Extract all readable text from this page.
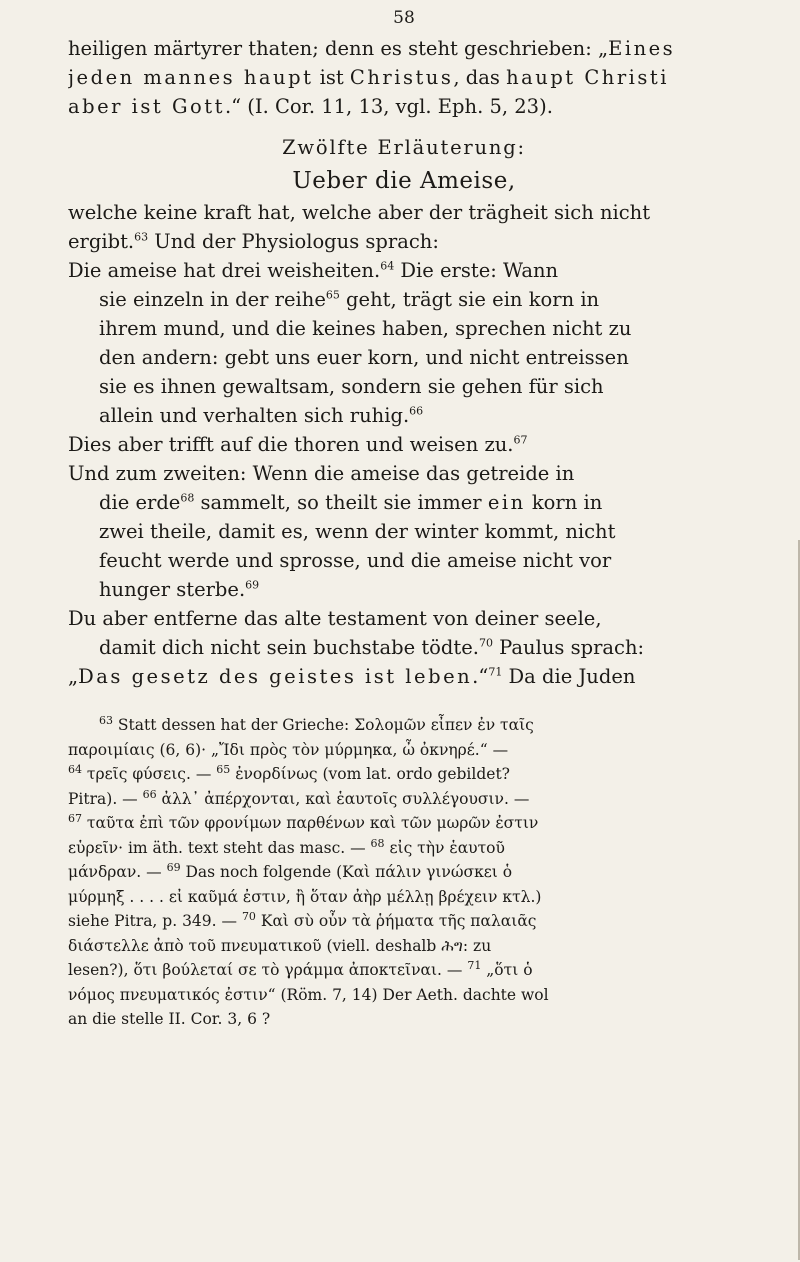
58
heiligen märtyrer thaten; denn es steht geschrieben: „Eines
jeden mannes haupt ist Christus, das haupt Christi
aber ist Gott.“ (I. Cor. 11, 13, vgl. Eph. 5, 23).
Zwölfte Erläuterung:
Ueber die Ameise,
welche keine kraft hat, welche aber der trägheit sich nicht
ergibt.$^{63}$ Und der Physiologus sprach:
Die ameise hat drei weisheiten.$^{64}$ Die erste: Wann
sie einzeln in der reihe$^{65}$ geht, trägt sie ein korn in
ihrem mund, und die keines haben, sprechen nicht zu
den andern: gebt uns euer korn, und nicht entreissen
sie es ihnen gewaltsam, sondern sie gehen für sich
allein und verhalten sich ruhig.$^{66}$
Dies aber trifft auf die thoren und weisen zu.$^{67}$
Und zum zweiten: Wenn die ameise das getreide in
die erde$^{68}$ sammelt, so theilt sie immer ein korn in
zwei theile, damit es, wenn der winter kommt, nicht
feucht werde und sprosse, und die ameise nicht vor
hunger sterbe.$^{69}$
Du aber entferne das alte testament von deiner seele,
damit dich nicht sein buchstabe tödte.$^{70}$ Paulus sprach:
„Das gesetz des geistes ist leben.“$^{71}$ Da die Juden
$^{63}$ Statt dessen hat der Grieche: Σολομῶν εἶπεν ἐν ταῖς
παροιμίαις (6, 6)· „Ἴδι πρὸς τὸν μύρμηκα, ὦ ὀκνηρέ.“ —
$^{64}$ τρεῖς φύσεις. — $^{65}$ ἐνορδίνως (vom lat. ordo gebildet?
Pitra). — $^{66}$ ἀλλ᾽ ἀπέρχονται, καὶ ἑαυτοῖς συλλέγουσιν. —
$^{67}$ ταῦτα ἐπὶ τῶν φρονίμων παρθένων καὶ τῶν μωρῶν ἐστιν
εὑρεῖν· im äth. text steht das masc. — $^{68}$ εἰς τὴν ἑαυτοῦ
μάνδραν. — $^{69}$ Das noch folgende (Καὶ πάλιν γινώσκει ὁ
μύρμηξ . . . . εἰ καῦμά ἐστιν, ἢ ὅταν ἀὴρ μέλλῃ βρέχειν κτλ.)
siehe Pitra, p. 349. — $^{70}$ Καὶ σὺ οὖν τὰ ῥήματα τῆς παλαιᾶς
διάστελλε ἀπὸ τοῦ πνευματικοῦ (viell. deshalb ሕግ: zu
lesen?), ὅτι βούλεταί σε τὸ γράμμα ἀποκτεῖναι. — $^{71}$ „ὅτι ὁ
νόμος πνευματικός ἐστιν“ (Röm. 7, 14) Der Aeth. dachte wol
an die stelle II. Cor. 3, 6 ?
